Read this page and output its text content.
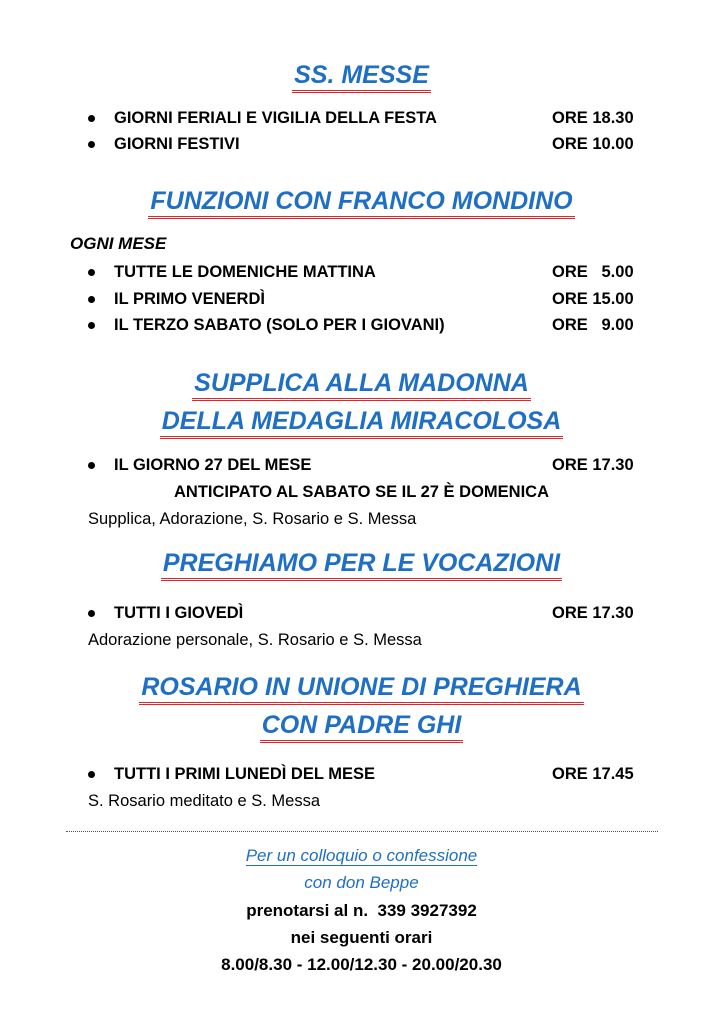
SS. MESSE
GIORNI FERIALI E VIGILIA DELLA FESTA	ORE 18.30
GIORNI FESTIVI	ORE 10.00
FUNZIONI CON FRANCO MONDINO
OGNI MESE
TUTTE LE DOMENICHE MATTINA	ORE   5.00
IL PRIMO VENERDÌ	ORE 15.00
IL TERZO SABATO (SOLO PER I GIOVANI)	ORE   9.00
SUPPLICA ALLA MADONNA
DELLA MEDAGLIA MIRACOLOSA
IL GIORNO 27 DEL MESE	ORE 17.30
ANTICIPATO AL SABATO SE IL 27 È DOMENICA
Supplica, Adorazione, S. Rosario e S. Messa
PREGHIAMO PER LE VOCAZIONI
TUTTI I GIOVEDÌ	ORE 17.30
Adorazione personale, S. Rosario e S. Messa
ROSARIO IN UNIONE DI PREGHIERA
CON PADRE GHI
TUTTI I PRIMI LUNEDÌ DEL MESE	ORE 17.45
S. Rosario meditato e S. Messa
Per un colloquio o confessione
con don Beppe
prenotarsi al n.  339 3927392
nei seguenti orari
8.00/8.30 - 12.00/12.30 - 20.00/20.30
